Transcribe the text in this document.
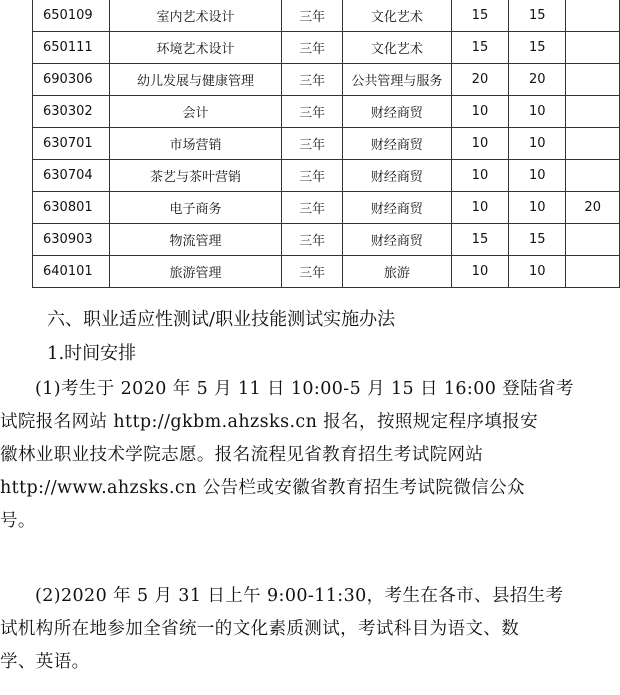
650109	室内艺术设计	三年	文化艺术	15	15	
650111	环境艺术设计	三年	文化艺术	15	15	
690306	幼儿发展与健康管理	三年	公共管理与服务	20	20	
630302	会计	三年	财经商贸	10	10	
630701	市场营销	三年	财经商贸	10	10	
630704	茶艺与茶叶营销	三年	财经商贸	10	10	
630801	电子商务	三年	财经商贸	10	10	20
630903	物流管理	三年	财经商贸	15	15	
640101	旅游管理	三年	旅游	10	10	
六、职业适应性测试/职业技能测试实施办法
1.时间安排
(1)考生于 2020 年 5 月 11 日 10:00-5 月 15 日 16:00 登陆省考
试院报名网站 http://gkbm.ahzsks.cn 报名，按照规定程序填报安
徽林业职业技术学院志愿。报名流程见省教育招生考试院网站
http://www.ahzsks.cn 公告栏或安徽省教育招生考试院微信公众
号。
(2)2020 年 5 月 31 日上午 9:00-11:30，考生在各市、县招生考
试机构所在地参加全省统一的文化素质测试，考试科目为语文、数
学、英语。
